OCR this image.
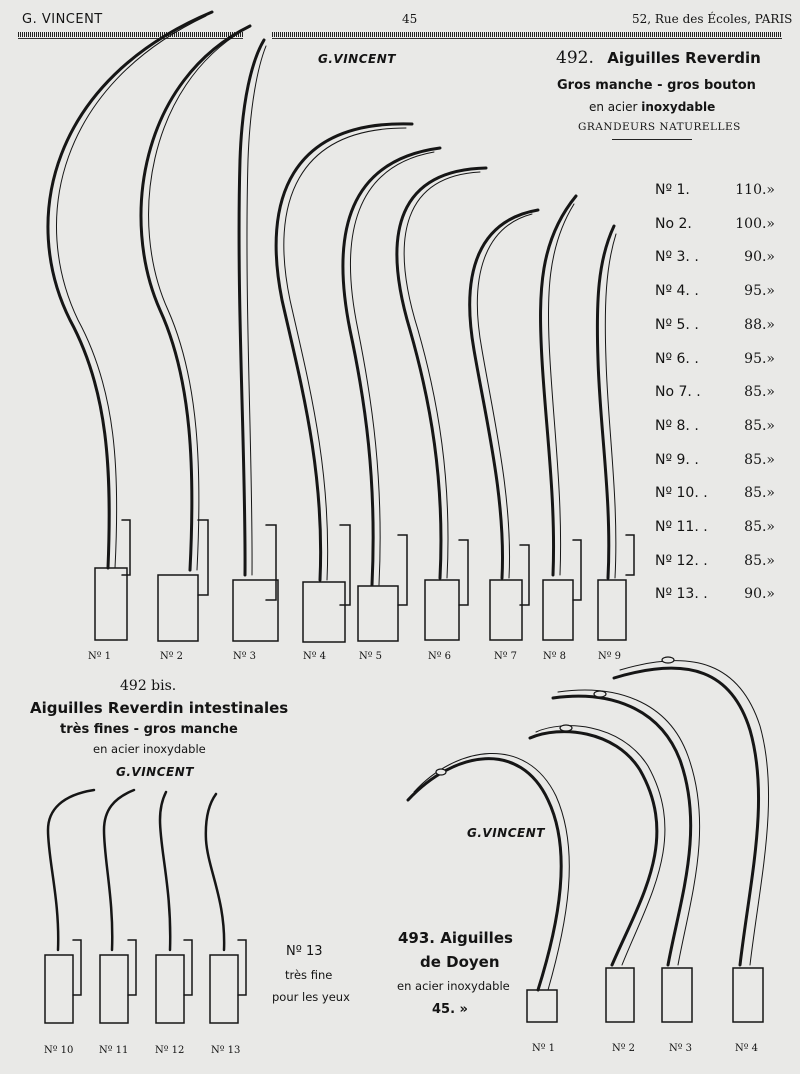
G. VINCENT	45	52, Rue des Écoles, PARIS
G.VINCENT	492. Aiguilles Reverdin
Gros manche - gros bouton
en acier inoxydable
GRANDEURS NATURELLES
Nº 1.	110.»
No 2.	100.»
Nº 3. .	90.»
Nº 4. .	95.»
Nº 5. .	88.»
Nº 6. .	95.»
No 7. .	85.»
Nº 8. .	85.»
Nº 9. .	85.»
Nº 10. .	85.»
Nº 11. .	85.»
Nº 12. .	85.»
Nº 13. .	90.»
Nº 1	Nº 2	Nº 3	Nº 4	Nº 5	Nº 6	Nº 7	Nº 8	Nº 9
492 bis.
Aiguilles Reverdin intestinales
très fines - gros manche
en acier inoxydable
G.VINCENT
Nº 10	Nº 11	Nº 12	Nº 13
Nº 13
très fine
pour les yeux
G.VINCENT
493. Aiguilles
de Doyen
en acier inoxydable
45. »
Nº 1	Nº 2	Nº 3	Nº 4
